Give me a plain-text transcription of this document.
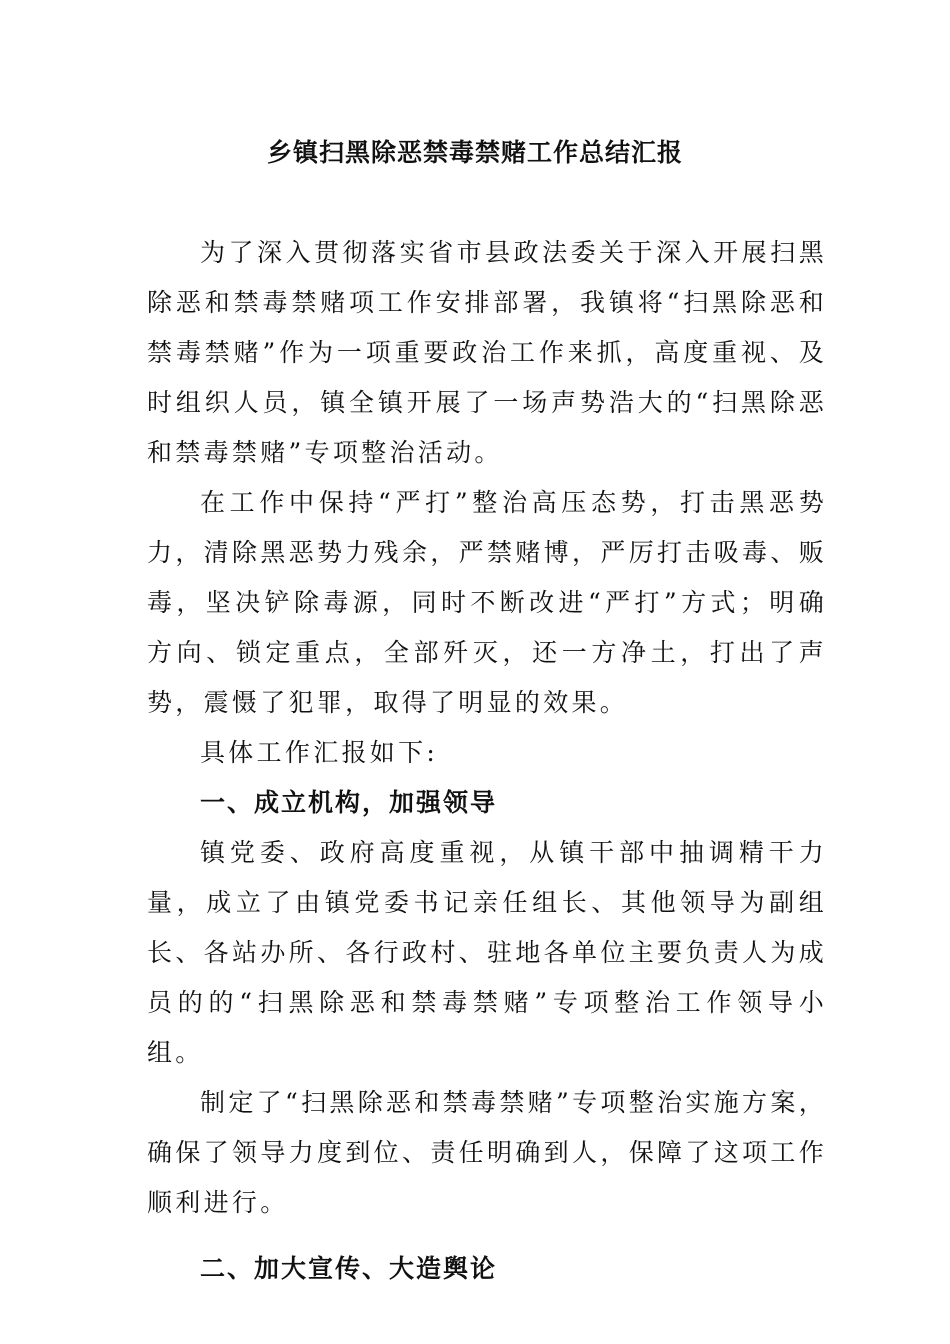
乡镇扫黑除恶禁毒禁赌工作总结汇报

为了深入贯彻落实省市县政法委关于深入开展扫黑除恶和禁毒禁赌项工作安排部署，我镇将“扫黑除恶和禁毒禁赌”作为一项重要政治工作来抓，高度重视、及时组织人员，镇全镇开展了一场声势浩大的“扫黑除恶和禁毒禁赌”专项整治活动。

在工作中保持“严打”整治高压态势，打击黑恶势力，清除黑恶势力残余，严禁赌博，严厉打击吸毒、贩毒，坚决铲除毒源，同时不断改进“严打”方式；明确方向、锁定重点，全部歼灭，还一方净土，打出了声势，震慑了犯罪，取得了明显的效果。

具体工作汇报如下:

一、成立机构，加强领导

镇党委、政府高度重视，从镇干部中抽调精干力量，成立了由镇党委书记亲任组长、其他领导为副组长、各站办所、各行政村、驻地各单位主要负责人为成员的的“扫黑除恶和禁毒禁赌”专项整治工作领导小组。

制定了“扫黑除恶和禁毒禁赌”专项整治实施方案，确保了领导力度到位、责任明确到人，保障了这项工作顺利进行。

二、加大宣传、大造舆论
